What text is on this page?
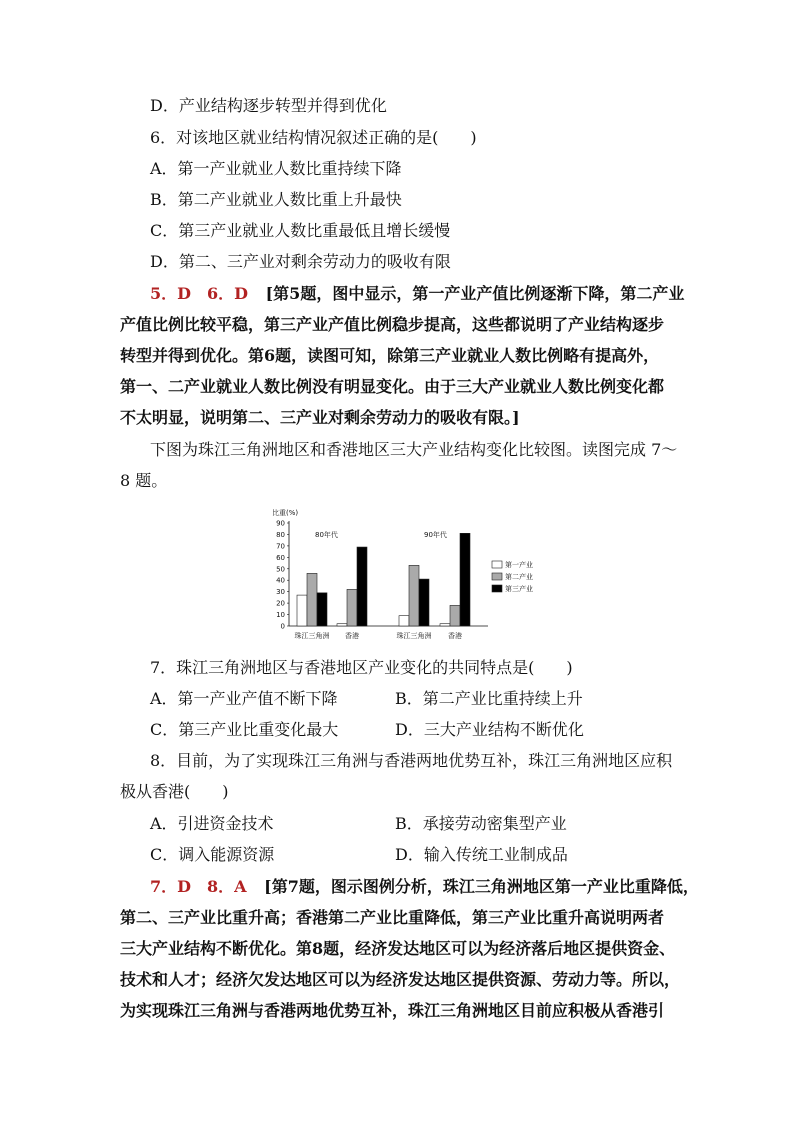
D．产业结构逐步转型并得到优化
6．对该地区就业结构情况叙述正确的是(　　)
A．第一产业就业人数比重持续下降
B．第二产业就业人数比重上升最快
C．第三产业就业人数比重最低且增长缓慢
D．第二、三产业对剩余劳动力的吸收有限
5．D　6．D [第5题，图中显示，第一产业产值比例逐渐下降，第二产业
产值比例比较平稳，第三产业产值比例稳步提高，这些都说明了产业结构逐步
转型并得到优化。第6题，读图可知，除第三产业就业人数比例略有提高外，
第一、二产业就业人数比例没有明显变化。由于三大产业就业人数比例变化都
不太明显，说明第二、三产业对剩余劳动力的吸收有限。]
下图为珠江三角洲地区和香港地区三大产业结构变化比较图。读图完成 7～
8 题。
比重(%)
0
10
20
30
40
50
60
70
80
90
珠江三角洲 香港	珠江三角洲 香港
80年代	90年代
第一产业
第二产业
第三产业
7．珠江三角洲地区与香港地区产业变化的共同特点是(　　)
A．第一产业产值不断下降	B．第二产业比重持续上升
C．第三产业比重变化最大	D．三大产业结构不断优化
8．目前，为了实现珠江三角洲与香港两地优势互补，珠江三角洲地区应积
极从香港(　　)
A．引进资金技术	B．承接劳动密集型产业
C．调入能源资源	D．输入传统工业制成品
7．D　8．A [第7题，图示图例分析，珠江三角洲地区第一产业比重降低，
第二、三产业比重升高；香港第二产业比重降低，第三产业比重升高说明两者
三大产业结构不断优化。第8题，经济发达地区可以为经济落后地区提供资金、
技术和人才；经济欠发达地区可以为经济发达地区提供资源、劳动力等。所以，
为实现珠江三角洲与香港两地优势互补，珠江三角洲地区目前应积极从香港引
